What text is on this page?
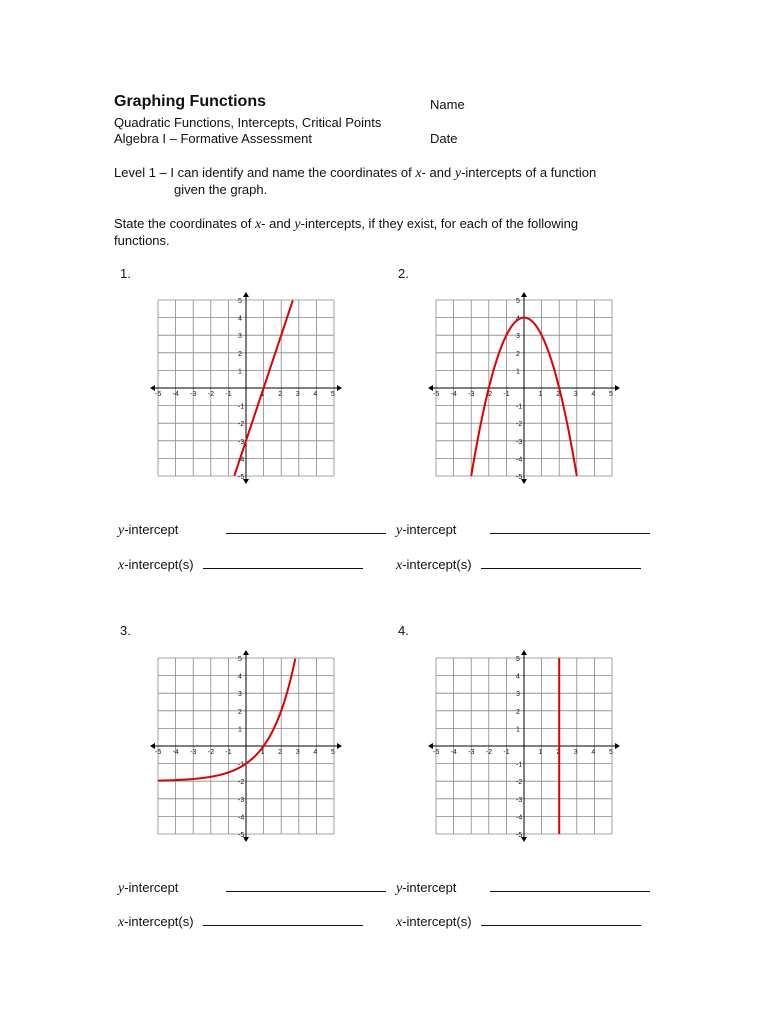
Graphing Functions	Name
Quadratic Functions, Intercepts, Critical Points
Algebra I – Formative Assessment	Date
Level 1 – I can identify and name the coordinates of x- and y-intercepts of a function
given the graph.
State the coordinates of x- and y-intercepts, if they exist, for each of the following
functions.
1.	2.
3.	4.
-5
-5
-4
-4
-3
-3
-2
-2
-1
-1
1
1
2
2
3
3
4
4
5
5
-5
-5
-4
-4
-3
-3
-2
-2
-1
-1
1
1
2
2
3
3
4
4
5
5
-5
-5
-4
-4
-3
-3
-2
-2
-1
-1
1
1
2
2
3
3
4
4
5
5
-5
-5
-4
-4
-3
-3
-2
-2
-1
-1
1
1
2
2
3
3
4
4
5
5
y-intercept
x-intercept(s)
y-intercept
x-intercept(s)
y-intercept
x-intercept(s)
y-intercept
x-intercept(s)
